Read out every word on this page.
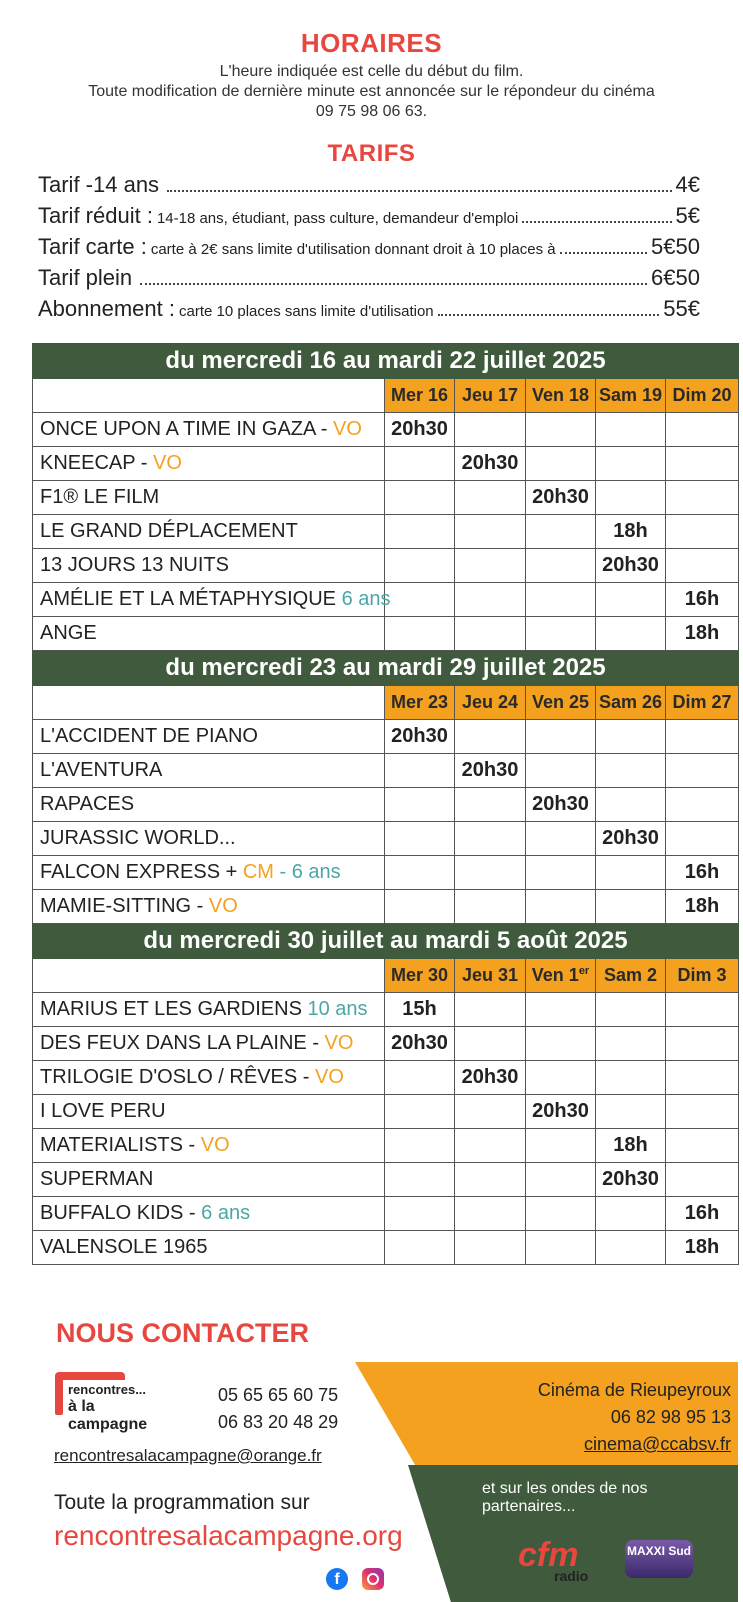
HORAIRES
L'heure indiquée est celle du début du film.
Toute modification de dernière minute est annoncée sur le répondeur du cinéma
09 75 98 06 63.
TARIFS
Tarif -14 ans	4€
Tarif réduit : 14-18 ans, étudiant, pass culture, demandeur d'emploi	5€
Tarif carte : carte à 2€ sans limite d'utilisation donnant droit à 10 places à	5€50
Tarif plein	6€50
Abonnement : carte 10 places sans limite d'utilisation	55€
du mercredi 16 au mardi 22 juillet 2025					
	Mer 16	Jeu 17	Ven 18	Sam 19	Dim 20
ONCE UPON A TIME IN GAZA - VO	20h30				
KNEECAP - VO		20h30			
F1® LE FILM			20h30		
LE GRAND DÉPLACEMENT				18h	
13 JOURS 13 NUITS				20h30	
AMÉLIE ET LA MÉTAPHYSIQUE 6 ans					16h
ANGE					18h
du mercredi 23 au mardi 29 juillet 2025					
	Mer 23	Jeu 24	Ven 25	Sam 26	Dim 27
L'ACCIDENT DE PIANO	20h30				
L'AVENTURA		20h30			
RAPACES			20h30		
JURASSIC WORLD...				20h30	
FALCON EXPRESS + CM - 6 ans					16h
MAMIE-SITTING - VO					18h
du mercredi 30 juillet au mardi 5 août 2025					
	Mer 30	Jeu 31	Ven 1er	Sam 2	Dim 3
MARIUS ET LES GARDIENS 10 ans	15h				
DES FEUX DANS LA PLAINE - VO	20h30				
TRILOGIE D'OSLO / RÊVES - VO		20h30			
I LOVE PERU			20h30		
MATERIALISTS - VO				18h	
SUPERMAN				20h30	
BUFFALO KIDS - 6 ans					16h
VALENSOLE 1965					18h
NOUS CONTACTER
rencontres...
à la campagne
05 65 65 60 75
06 83 20 48 29
rencontresalacampagne@orange.fr
Toute la programmation sur
rencontresalacampagne.org
f
Cinéma de Rieupeyroux
06 82 98 95 13
cinema@ccabsv.fr
et sur les ondes de nos partenaires...
cfm
radio
MAXXI Sud
